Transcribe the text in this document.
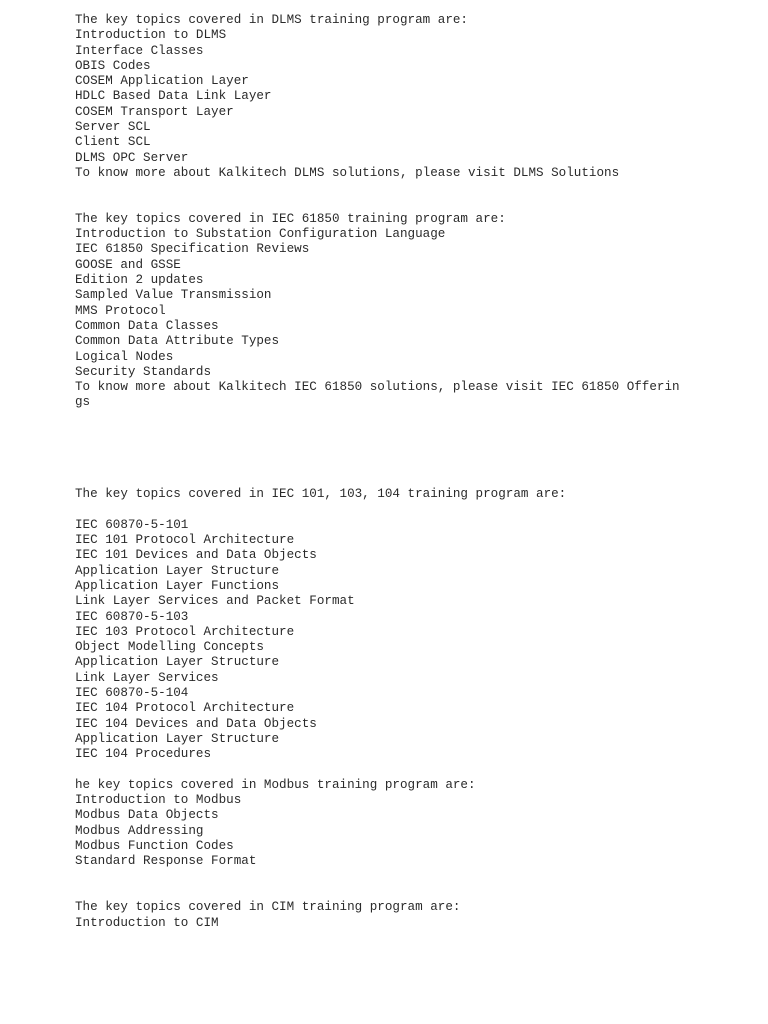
The key topics covered in DLMS training program are:
Introduction to DLMS
Interface Classes
OBIS Codes
COSEM Application Layer
HDLC Based Data Link Layer
COSEM Transport Layer
Server SCL
Client SCL
DLMS OPC Server
To know more about Kalkitech DLMS solutions, please visit DLMS Solutions
The key topics covered in IEC 61850 training program are:
Introduction to Substation Configuration Language
IEC 61850 Specification Reviews
GOOSE and GSSE
Edition 2 updates
Sampled Value Transmission
MMS Protocol
Common Data Classes
Common Data Attribute Types
Logical Nodes
Security Standards
To know more about Kalkitech IEC 61850 solutions, please visit IEC 61850 Offerin
gs
The key topics covered in IEC 101, 103, 104 training program are:
IEC 60870-5-101
IEC 101 Protocol Architecture
IEC 101 Devices and Data Objects
Application Layer Structure
Application Layer Functions
Link Layer Services and Packet Format
IEC 60870-5-103
IEC 103 Protocol Architecture
Object Modelling Concepts
Application Layer Structure
Link Layer Services
IEC 60870-5-104
IEC 104 Protocol Architecture
IEC 104 Devices and Data Objects
Application Layer Structure
IEC 104 Procedures
he key topics covered in Modbus training program are:
Introduction to Modbus
Modbus Data Objects
Modbus Addressing
Modbus Function Codes
Standard Response Format
The key topics covered in CIM training program are:
Introduction to CIM
